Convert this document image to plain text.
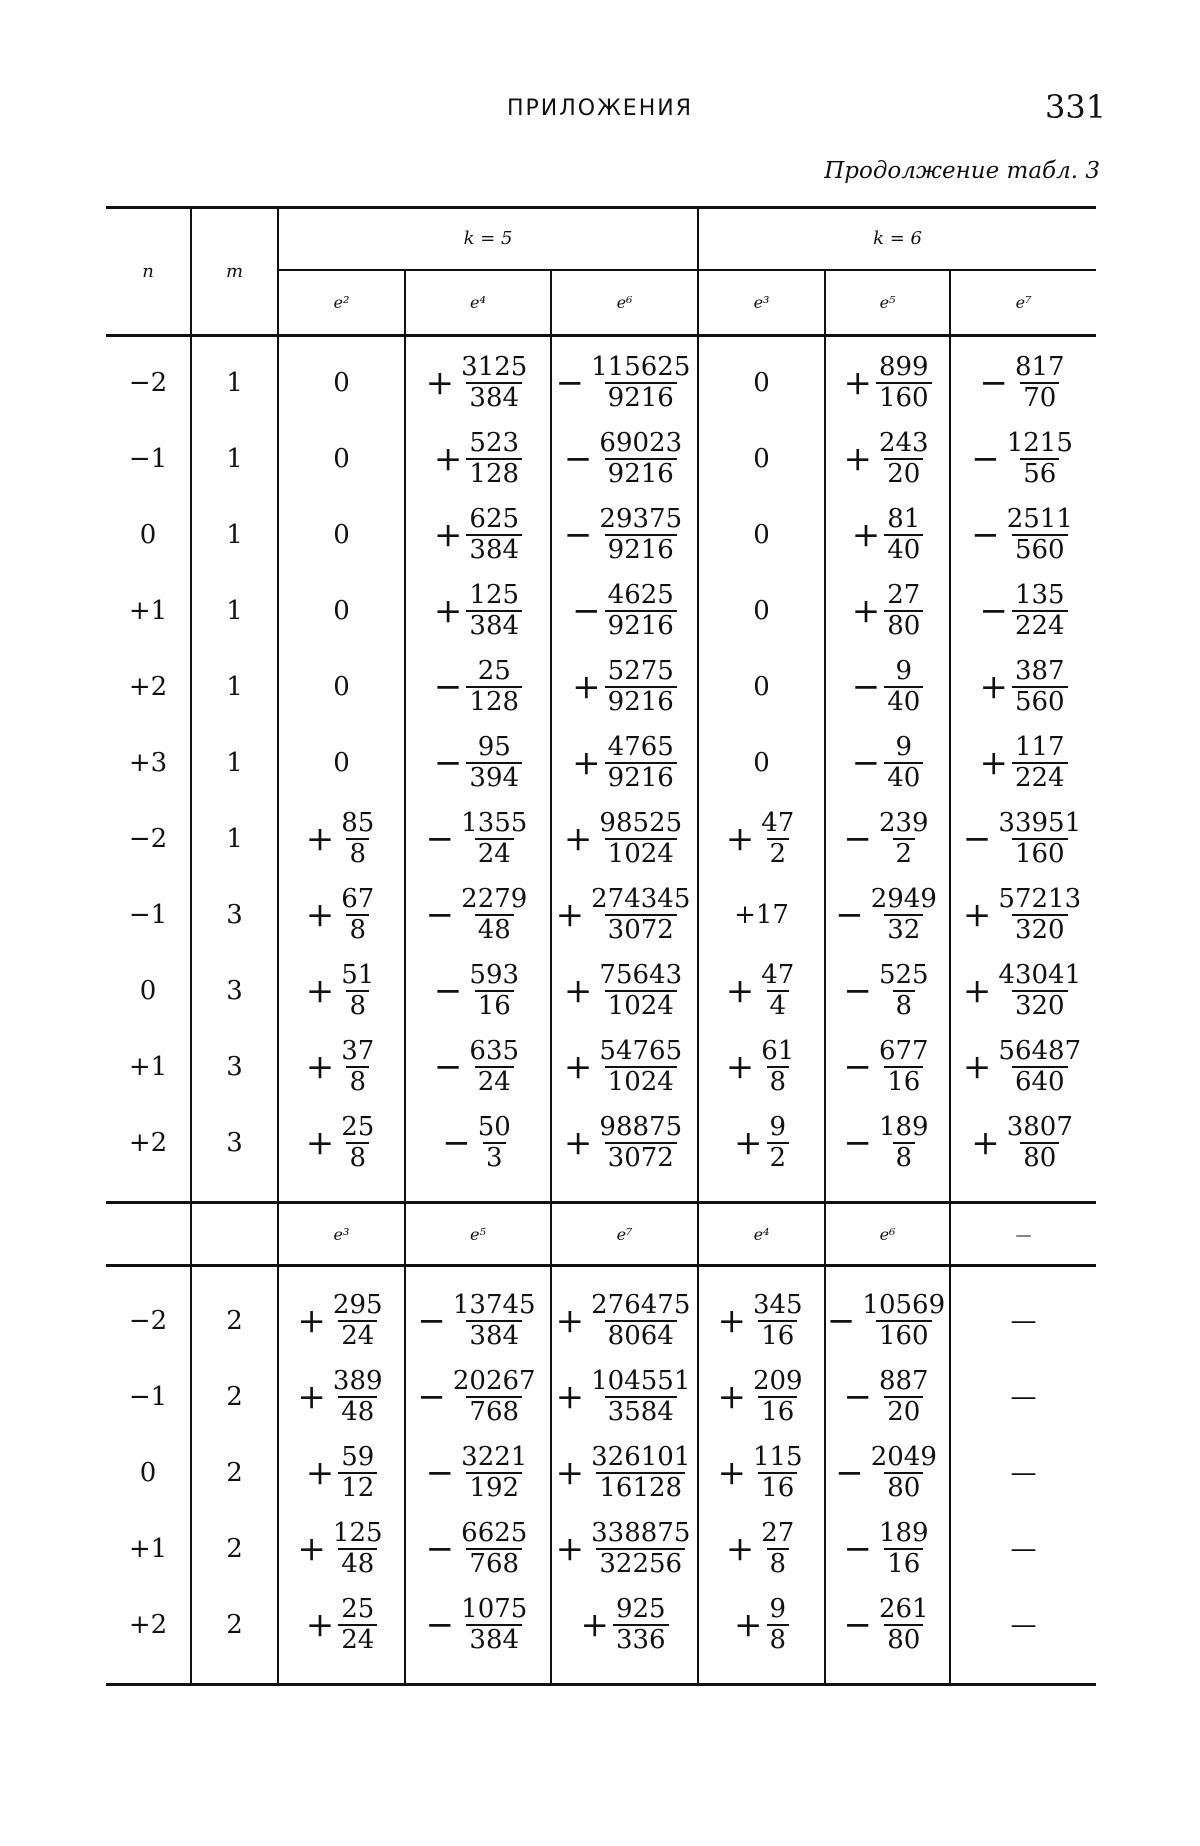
ПРИЛОЖЕНИЯ	331
Продолжение табл. 3
n	m	k = 5			k = 6		
		e²	e⁴	e⁶	e³	e⁵	e⁷

−2	1	0	+ $\frac{3125}{384}$	− $\frac{115625}{9216}$	0	+ $\frac{899}{160}$	− $\frac{817}{70}$

−1	1	0	+ $\frac{523}{128}$	− $\frac{69023}{9216}$	0	+ $\frac{243}{20}$	− $\frac{1215}{56}$

0	1	0	+ $\frac{625}{384}$	− $\frac{29375}{9216}$	0	+ $\frac{81}{40}$	− $\frac{2511}{560}$

+1	1	0	+ $\frac{125}{384}$	− $\frac{4625}{9216}$	0	+ $\frac{27}{80}$	− $\frac{135}{224}$

+2	1	0	− $\frac{25}{128}$	+ $\frac{5275}{9216}$	0	− $\frac{9}{40}$	+ $\frac{387}{560}$

+3	1	0	− $\frac{95}{394}$	+ $\frac{4765}{9216}$	0	− $\frac{9}{40}$	+ $\frac{117}{224}$

−2	1	+ $\frac{85}{8}$	− $\frac{1355}{24}$	+ $\frac{98525}{1024}$	+ $\frac{47}{2}$	− $\frac{239}{2}$	− $\frac{33951}{160}$

−1	3	+ $\frac{67}{8}$	− $\frac{2279}{48}$	+ $\frac{274345}{3072}$	+17	− $\frac{2949}{32}$	+ $\frac{57213}{320}$

0	3	+ $\frac{51}{8}$	− $\frac{593}{16}$	+ $\frac{75643}{1024}$	+ $\frac{47}{4}$	− $\frac{525}{8}$	+ $\frac{43041}{320}$

+1	3	+ $\frac{37}{8}$	− $\frac{635}{24}$	+ $\frac{54765}{1024}$	+ $\frac{61}{8}$	− $\frac{677}{16}$	+ $\frac{56487}{640}$

+2	3	+ $\frac{25}{8}$	− $\frac{50}{3}$	+ $\frac{98875}{3072}$	+ $\frac{9}{2}$	− $\frac{189}{8}$	+ $\frac{3807}{80}$

		e³	e⁵	e⁷	e⁴	e⁶	—

−2	2	+ $\frac{295}{24}$	− $\frac{13745}{384}$	+ $\frac{276475}{8064}$	+ $\frac{345}{16}$	− $\frac{10569}{160}$	—
−1	2	+ $\frac{389}{48}$	− $\frac{20267}{768}$	+ $\frac{104551}{3584}$	+ $\frac{209}{16}$	− $\frac{887}{20}$	—
0	2	+ $\frac{59}{12}$	− $\frac{3221}{192}$	+ $\frac{326101}{16128}$	+ $\frac{115}{16}$	− $\frac{2049}{80}$	—
+1	2	+ $\frac{125}{48}$	− $\frac{6625}{768}$	+ $\frac{338875}{32256}$	+ $\frac{27}{8}$	− $\frac{189}{16}$	—
+2	2	+ $\frac{25}{24}$	− $\frac{1075}{384}$	+ $\frac{925}{336}$	+ $\frac{9}{8}$	− $\frac{261}{80}$	—
